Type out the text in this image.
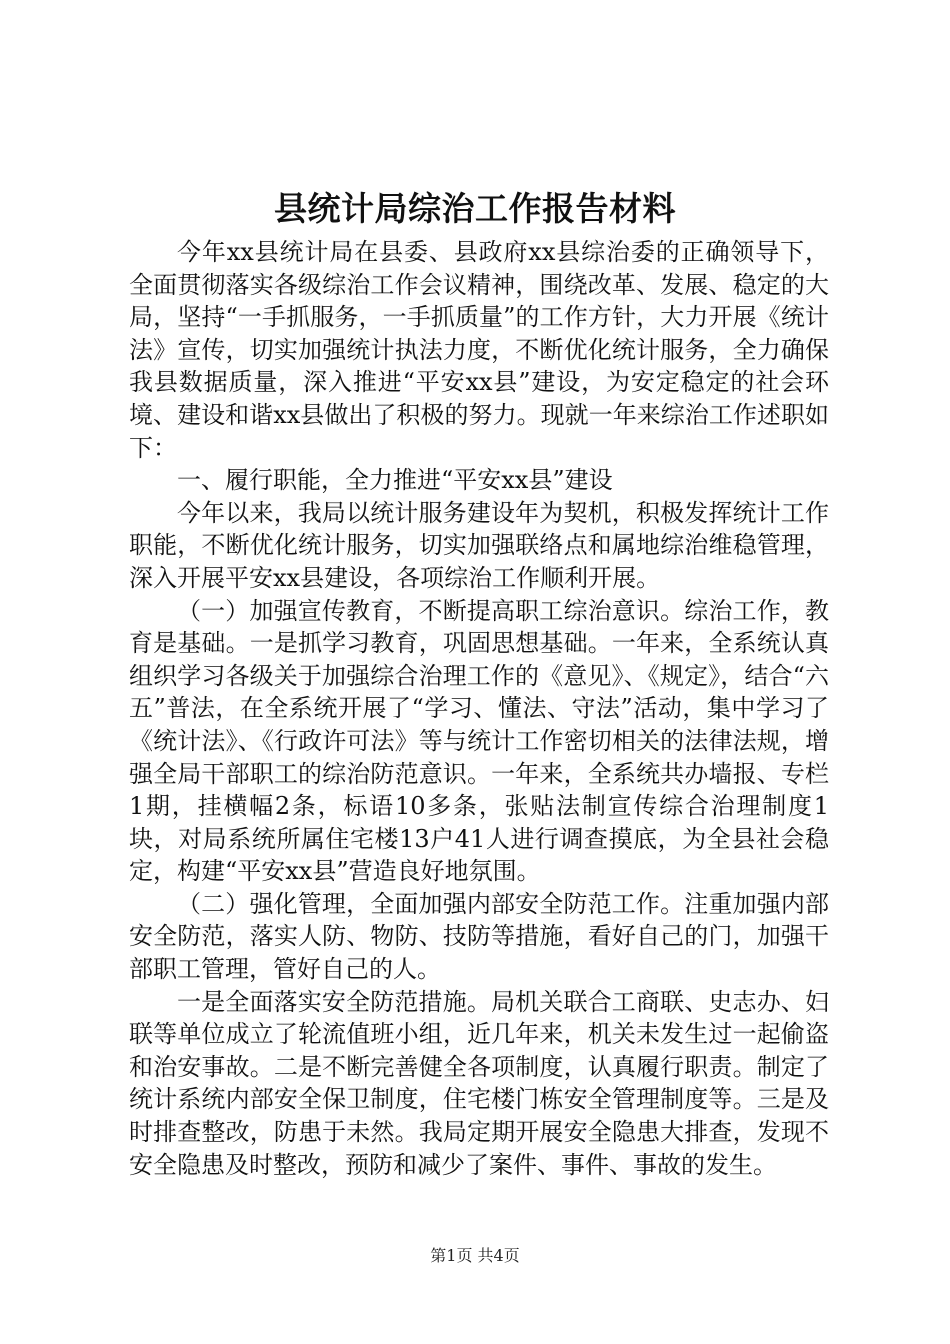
县统计局综治工作报告材料

今年xx县统计局在县委、县政府xx县综治委的正确领导下，全面贯彻落实各级综治工作会议精神，围绕改革、发展、稳定的大局，坚持“一手抓服务，一手抓质量”的工作方针，大力开展《统计法》宣传，切实加强统计执法力度，不断优化统计服务，全力确保我县数据质量，深入推进“平安xx县”建设，为安定稳定的社会环境、建设和谐xx县做出了积极的努力。现就一年来综治工作述职如下：

一、履行职能，全力推进“平安xx县”建设

今年以来，我局以统计服务建设年为契机，积极发挥统计工作职能，不断优化统计服务，切实加强联络点和属地综治维稳管理，深入开展平安xx县建设，各项综治工作顺利开展。

（一）加强宣传教育，不断提高职工综治意识。综治工作，教育是基础。一是抓学习教育，巩固思想基础。一年来，全系统认真组织学习各级关于加强综合治理工作的《意见》、《规定》，结合“六五”普法，在全系统开展了“学习、懂法、守法”活动，集中学习了《统计法》、《行政许可法》等与统计工作密切相关的法律法规，增强全局干部职工的综治防范意识。一年来，全系统共办墙报、专栏1期，挂横幅2条，标语10多条，张贴法制宣传综合治理制度1块，对局系统所属住宅楼13户41人进行调查摸底，为全县社会稳定，构建“平安xx县”营造良好地氛围。

（二）强化管理，全面加强内部安全防范工作。注重加强内部安全防范，落实人防、物防、技防等措施，看好自己的门，加强干部职工管理，管好自己的人。

一是全面落实安全防范措施。局机关联合工商联、史志办、妇联等单位成立了轮流值班小组，近几年来，机关未发生过一起偷盗和治安事故。二是不断完善健全各项制度，认真履行职责。制定了统计系统内部安全保卫制度，住宅楼门栋安全管理制度等。三是及时排查整改，防患于未然。我局定期开展安全隐患大排查，发现不安全隐患及时整改，预防和减少了案件、事件、事故的发生。

第1页 共4页
